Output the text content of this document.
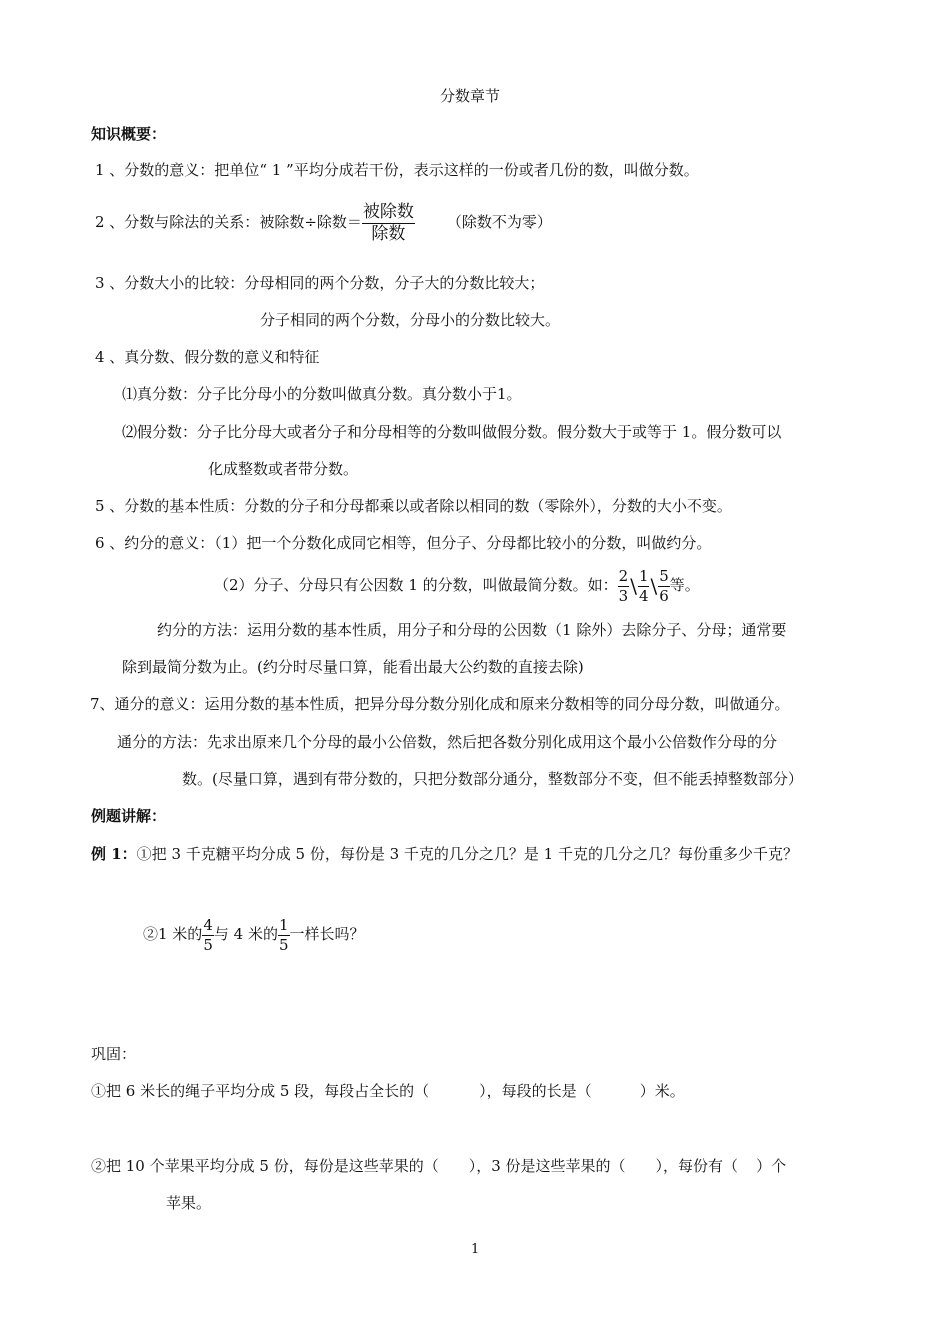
分数章节
知识概要：
1 、分数的意义：把单位“ 1 ”平均分成若干份，表示这样的一份或者几份的数，叫做分数。
2 、分数与除法的关系：被除数÷除数＝ $\frac{\text{被除数}}{\text{除数}}$ （除数不为零）
3 、分数大小的比较：分母相同的两个分数，分子大的分数比较大；
分子相同的两个分数，分母小的分数比较大。
4 、真分数、假分数的意义和特征
⑴真分数：分子比分母小的分数叫做真分数。真分数小于1。
⑵假分数：分子比分母大或者分子和分母相等的分数叫做假分数。假分数大于或等于 1。假分数可以
化成整数或者带分数。
5 、分数的基本性质：分数的分子和分母都乘以或者除以相同的数（零除外），分数的大小不变。
6 、约分的意义：（1）把一个分数化成同它相等，但分子、分母都比较小的分数，叫做约分。
（2）分子、分母只有公因数 1 的分数，叫做最简分数。如： $\frac{2}{3}$ \ $\frac{1}{4}$ \ $\frac{5}{6}$ 等。
约分的方法：运用分数的基本性质，用分子和分母的公因数（1 除外）去除分子、分母；通常要
除到最简分数为止。(约分时尽量口算，能看出最大公约数的直接去除)
7、通分的意义：运用分数的基本性质，把异分母分数分别化成和原来分数相等的同分母分数，叫做通分。
通分的方法：先求出原来几个分母的最小公倍数，然后把各数分别化成用这个最小公倍数作分母的分
数。(尽量口算，遇到有带分数的，只把分数部分通分，整数部分不变，但不能丢掉整数部分）
例题讲解：
例 1：①把 3 千克糖平均分成 5 份，每份是 3 千克的几分之几？是 1 千克的几分之几？每份重多少千克？
②1 米的 $\frac{4}{5}$ 与 4 米的 $\frac{1}{5}$ 一样长吗？
巩固：
①把 6 米长的绳子平均分成 5 段，每段占全长的（	），每段的长是（	）米。
②把 10 个苹果平均分成 5 份，每份是这些苹果的（ ），3 份是这些苹果的（ ），每份有（ ）个
苹果。
1
